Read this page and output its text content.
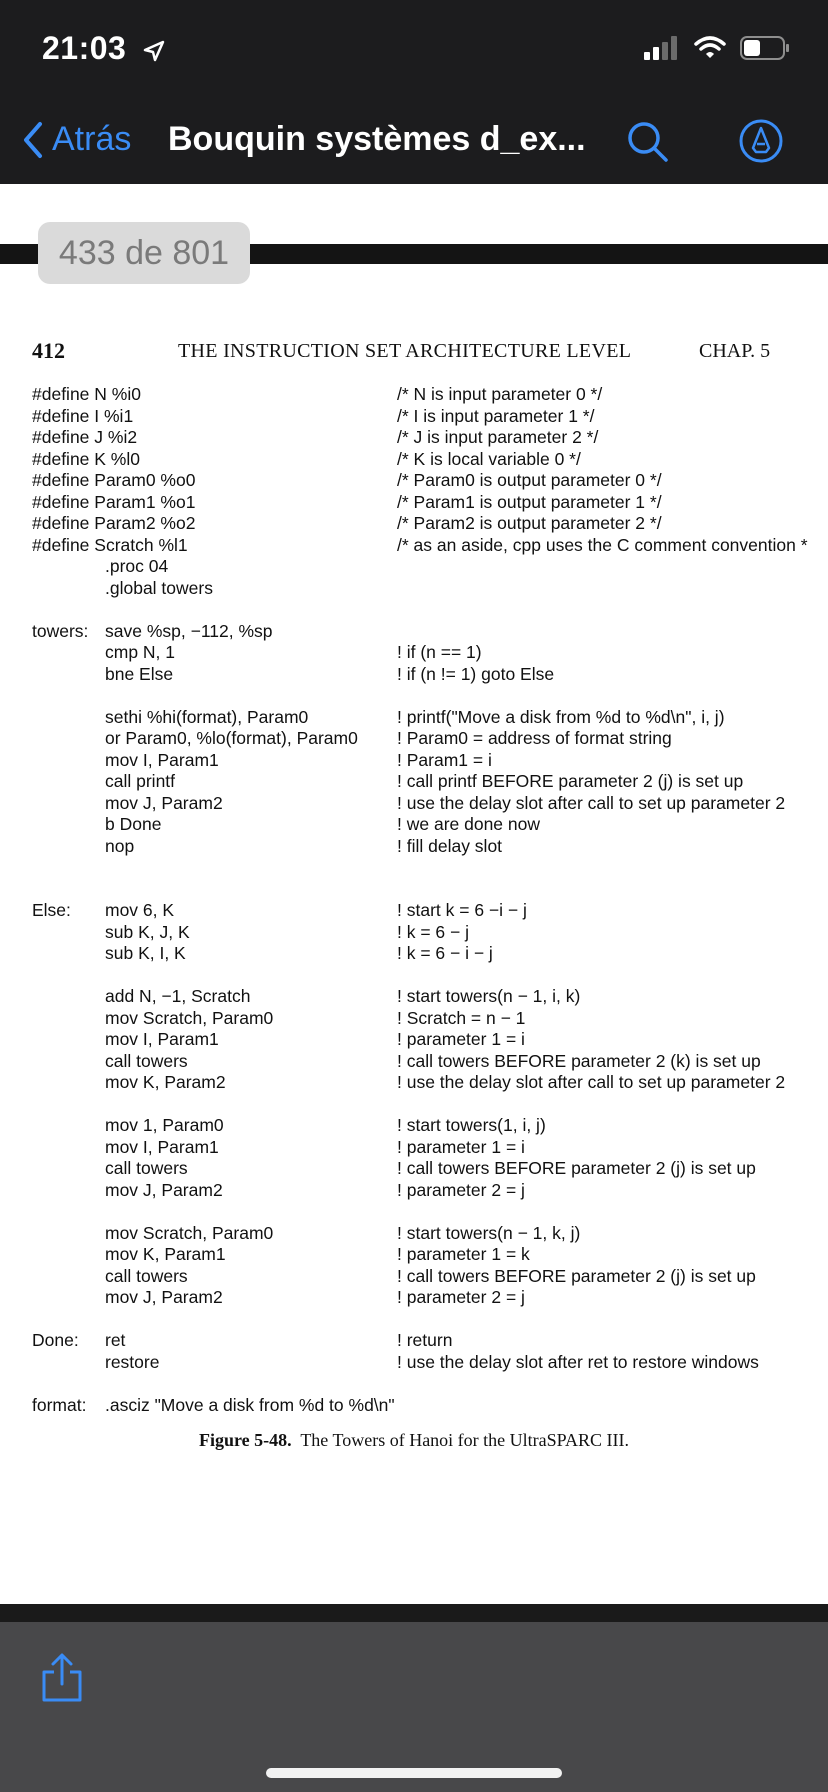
21:03
Atrás Bouquin systèmes d_ex...
433 de 801
412	THE INSTRUCTION SET ARCHITECTURE LEVEL	CHAP. 5
#define N %i0	/* N is input parameter 0 */
#define I %i1	/* I is input parameter 1 */
#define J %i2	/* J is input parameter 2 */
#define K %l0	/* K is local variable 0 */
#define Param0 %o0	/* Param0 is output parameter 0 */
#define Param1 %o1	/* Param1 is output parameter 1 */
#define Param2 %o2	/* Param2 is output parameter 2 */
#define Scratch %l1	/* as an aside, cpp uses the C comment convention *
.proc 04
.global towers
towers: save %sp, −112, %sp
cmp N, 1	! if (n == 1)
bne Else	! if (n != 1) goto Else
sethi %hi(format), Param0	! printf("Move a disk from %d to %d\n", i, j)
or Param0, %lo(format), Param0 ! Param0 = address of format string
mov I, Param1	! Param1 = i
call printf	! call printf BEFORE parameter 2 (j) is set up
mov J, Param2	! use the delay slot after call to set up parameter 2
b Done	! we are done now
nop	! fill delay slot
Else: mov 6, K	! start k = 6 −i − j
sub K, J, K	! k = 6 − j
sub K, I, K	! k = 6 − i − j
add N, −1, Scratch	! start towers(n − 1, i, k)
mov Scratch, Param0	! Scratch = n − 1
mov I, Param1	! parameter 1 = i
call towers	! call towers BEFORE parameter 2 (k) is set up
mov K, Param2	! use the delay slot after call to set up parameter 2
mov 1, Param0	! start towers(1, i, j)
mov I, Param1	! parameter 1 = i
call towers	! call towers BEFORE parameter 2 (j) is set up
mov J, Param2	! parameter 2 = j
mov Scratch, Param0	! start towers(n − 1, k, j)
mov K, Param1	! parameter 1 = k
call towers	! call towers BEFORE parameter 2 (j) is set up
mov J, Param2	! parameter 2 = j
Done: ret	! return
restore	! use the delay slot after ret to restore windows
format: .asciz "Move a disk from %d to %d\n"
Figure 5-48. The Towers of Hanoi for the UltraSPARC III.
